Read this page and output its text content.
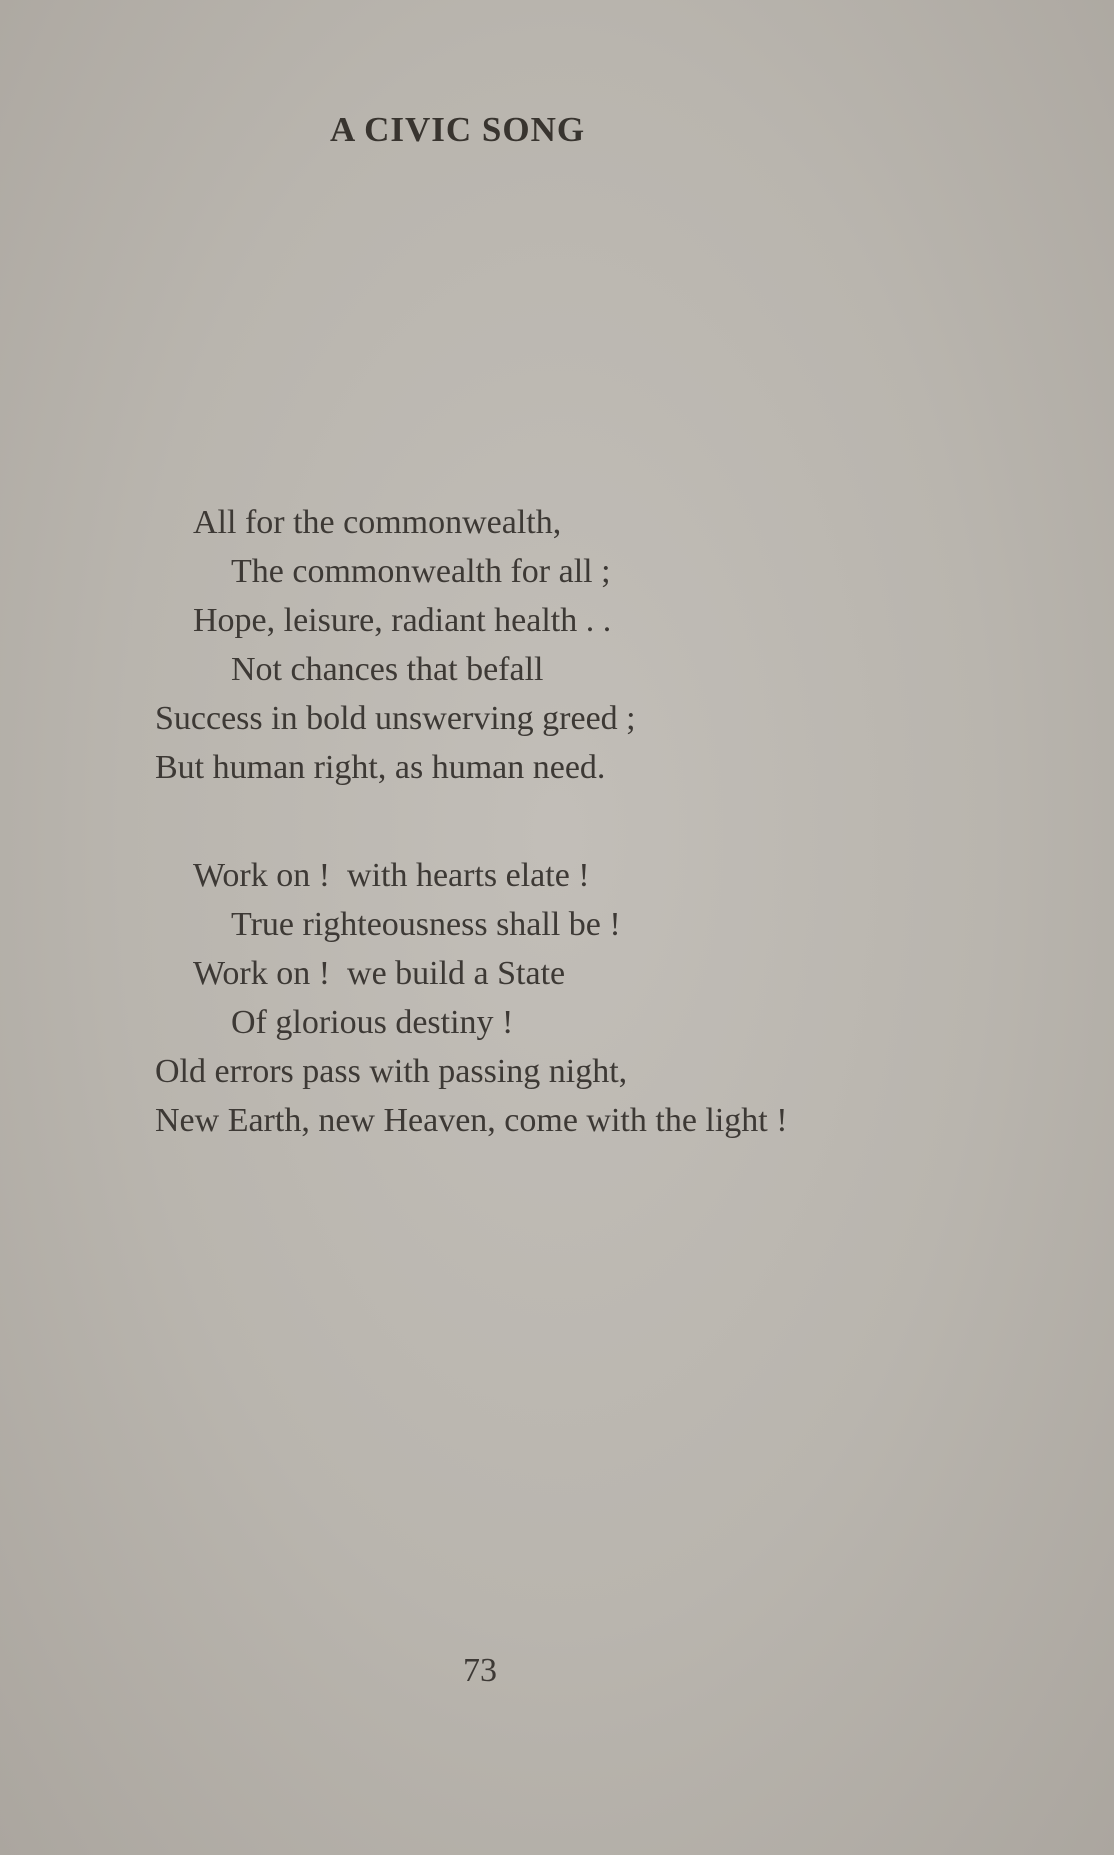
A CIVIC SONG
All for the commonwealth,
The commonwealth for all ;
Hope, leisure, radiant health . .
Not chances that befall
Success in bold unswerving greed ;
But human right, as human need.
Work on !  with hearts elate !
True righteousness shall be !
Work on !  we build a State
Of glorious destiny !
Old errors pass with passing night,
New Earth, new Heaven, come with the light !
73
